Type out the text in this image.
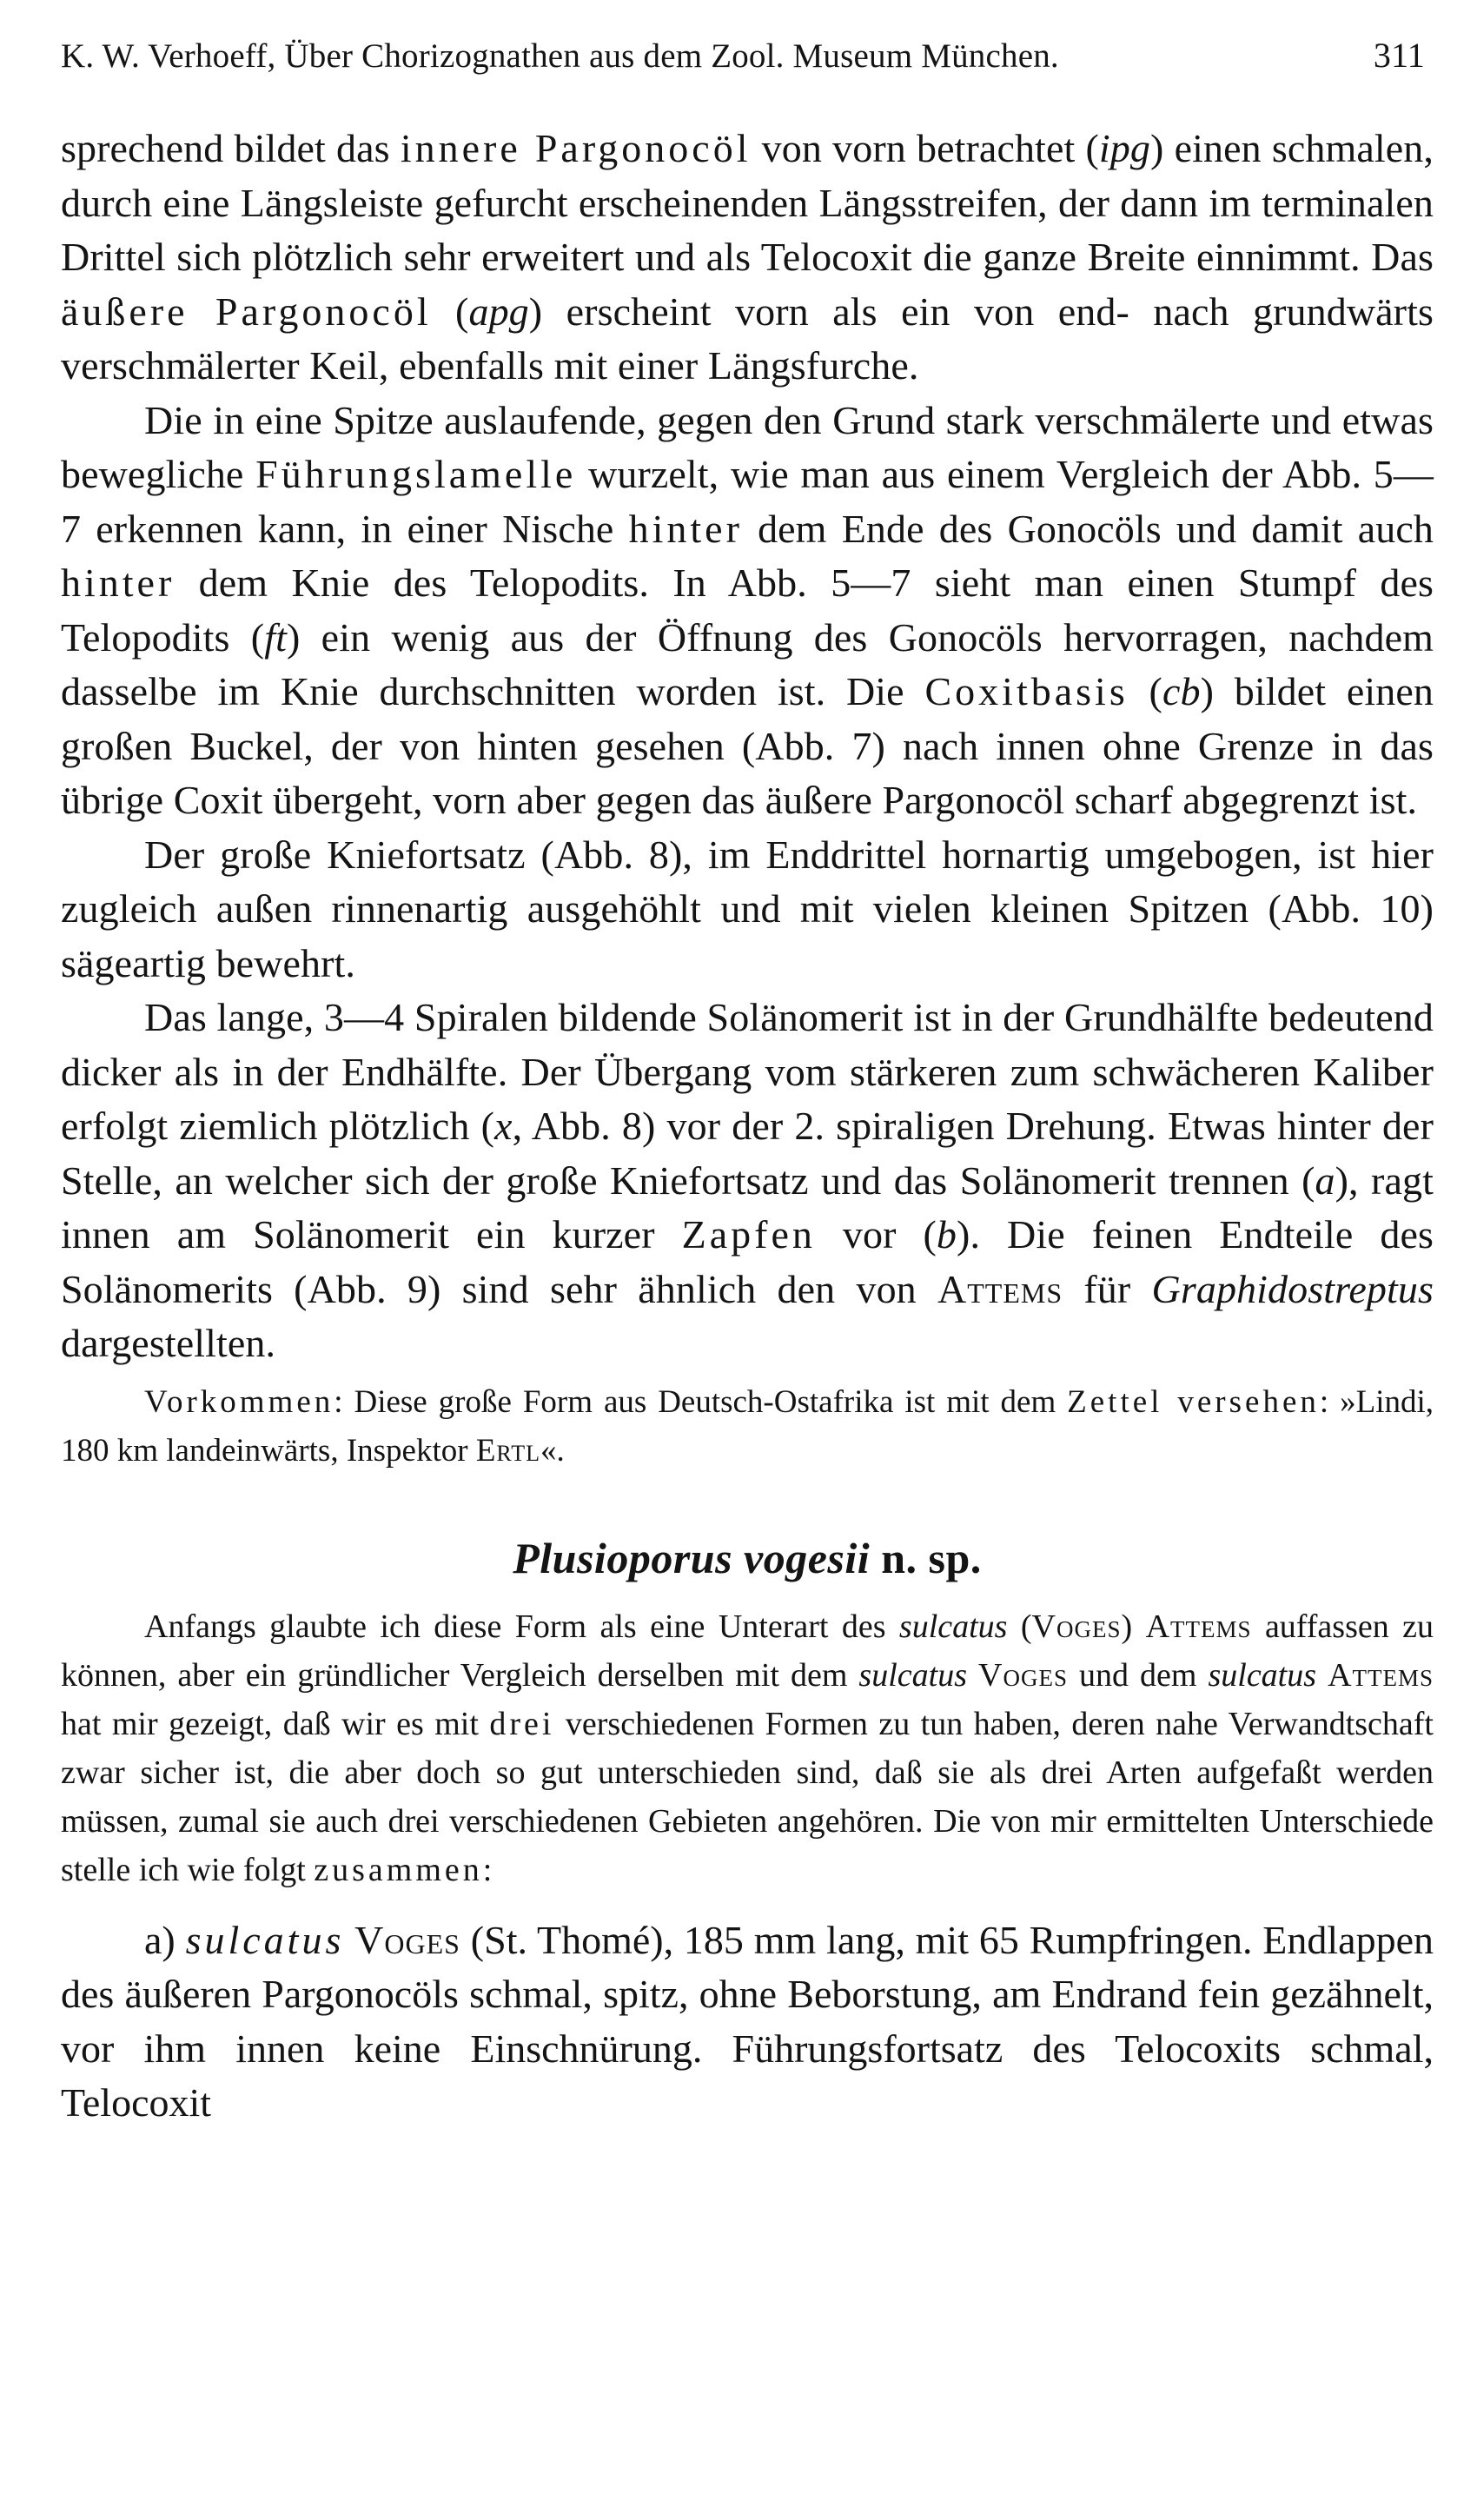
K. W. Verhoeff, Über Chorizognathen aus dem Zool. Museum München.	311

sprechend bildet das innere Pargonocöl von vorn betrachtet (ipg) einen schmalen, durch eine Längsleiste gefurcht erscheinenden Längsstreifen, der dann im terminalen Drittel sich plötzlich sehr erweitert und als Telocoxit die ganze Breite einnimmt. Das äußere Pargonocöl (apg) erscheint vorn als ein von end- nach grundwärts verschmälerter Keil, ebenfalls mit einer Längsfurche.

Die in eine Spitze auslaufende, gegen den Grund stark verschmälerte und etwas bewegliche Führungslamelle wurzelt, wie man aus einem Vergleich der Abb. 5—7 erkennen kann, in einer Nische hinter dem Ende des Gonocöls und damit auch hinter dem Knie des Telopodits. In Abb. 5—7 sieht man einen Stumpf des Telopodits (ft) ein wenig aus der Öffnung des Gonocöls hervorragen, nachdem dasselbe im Knie durchschnitten worden ist. Die Coxitbasis (cb) bildet einen großen Buckel, der von hinten gesehen (Abb. 7) nach innen ohne Grenze in das übrige Coxit übergeht, vorn aber gegen das äußere Pargonocöl scharf abgegrenzt ist.

Der große Kniefortsatz (Abb. 8), im Enddrittel hornartig umgebogen, ist hier zugleich außen rinnenartig ausgehöhlt und mit vielen kleinen Spitzen (Abb. 10) sägeartig bewehrt.

Das lange, 3—4 Spiralen bildende Solänomerit ist in der Grundhälfte bedeutend dicker als in der Endhälfte. Der Übergang vom stärkeren zum schwächeren Kaliber erfolgt ziemlich plötzlich (x, Abb. 8) vor der 2. spiraligen Drehung. Etwas hinter der Stelle, an welcher sich der große Kniefortsatz und das Solänomerit trennen (a), ragt innen am Solänomerit ein kurzer Zapfen vor (b). Die feinen Endteile des Solänomerits (Abb. 9) sind sehr ähnlich den von Attems für Graphidostreptus dargestellten.

Vorkommen: Diese große Form aus Deutsch-Ostafrika ist mit dem Zettel versehen: »Lindi, 180 km landeinwärts, Inspektor Ertl«.
Plusioporus vogesii n. sp.

Anfangs glaubte ich diese Form als eine Unterart des sulcatus (Voges) Attems auffassen zu können, aber ein gründlicher Vergleich derselben mit dem sulcatus Voges und dem sulcatus Attems hat mir gezeigt, daß wir es mit drei verschiedenen Formen zu tun haben, deren nahe Verwandtschaft zwar sicher ist, die aber doch so gut unterschieden sind, daß sie als drei Arten aufgefaßt werden müssen, zumal sie auch drei verschiedenen Gebieten angehören. Die von mir ermittelten Unterschiede stelle ich wie folgt zusammen:

a) sulcatus Voges (St. Thomé), 185 mm lang, mit 65 Rumpfringen. Endlappen des äußeren Pargonocöls schmal, spitz, ohne Beborstung, am Endrand fein gezähnelt, vor ihm innen keine Einschnürung. Führungsfortsatz des Telocoxits schmal, Telocoxit
